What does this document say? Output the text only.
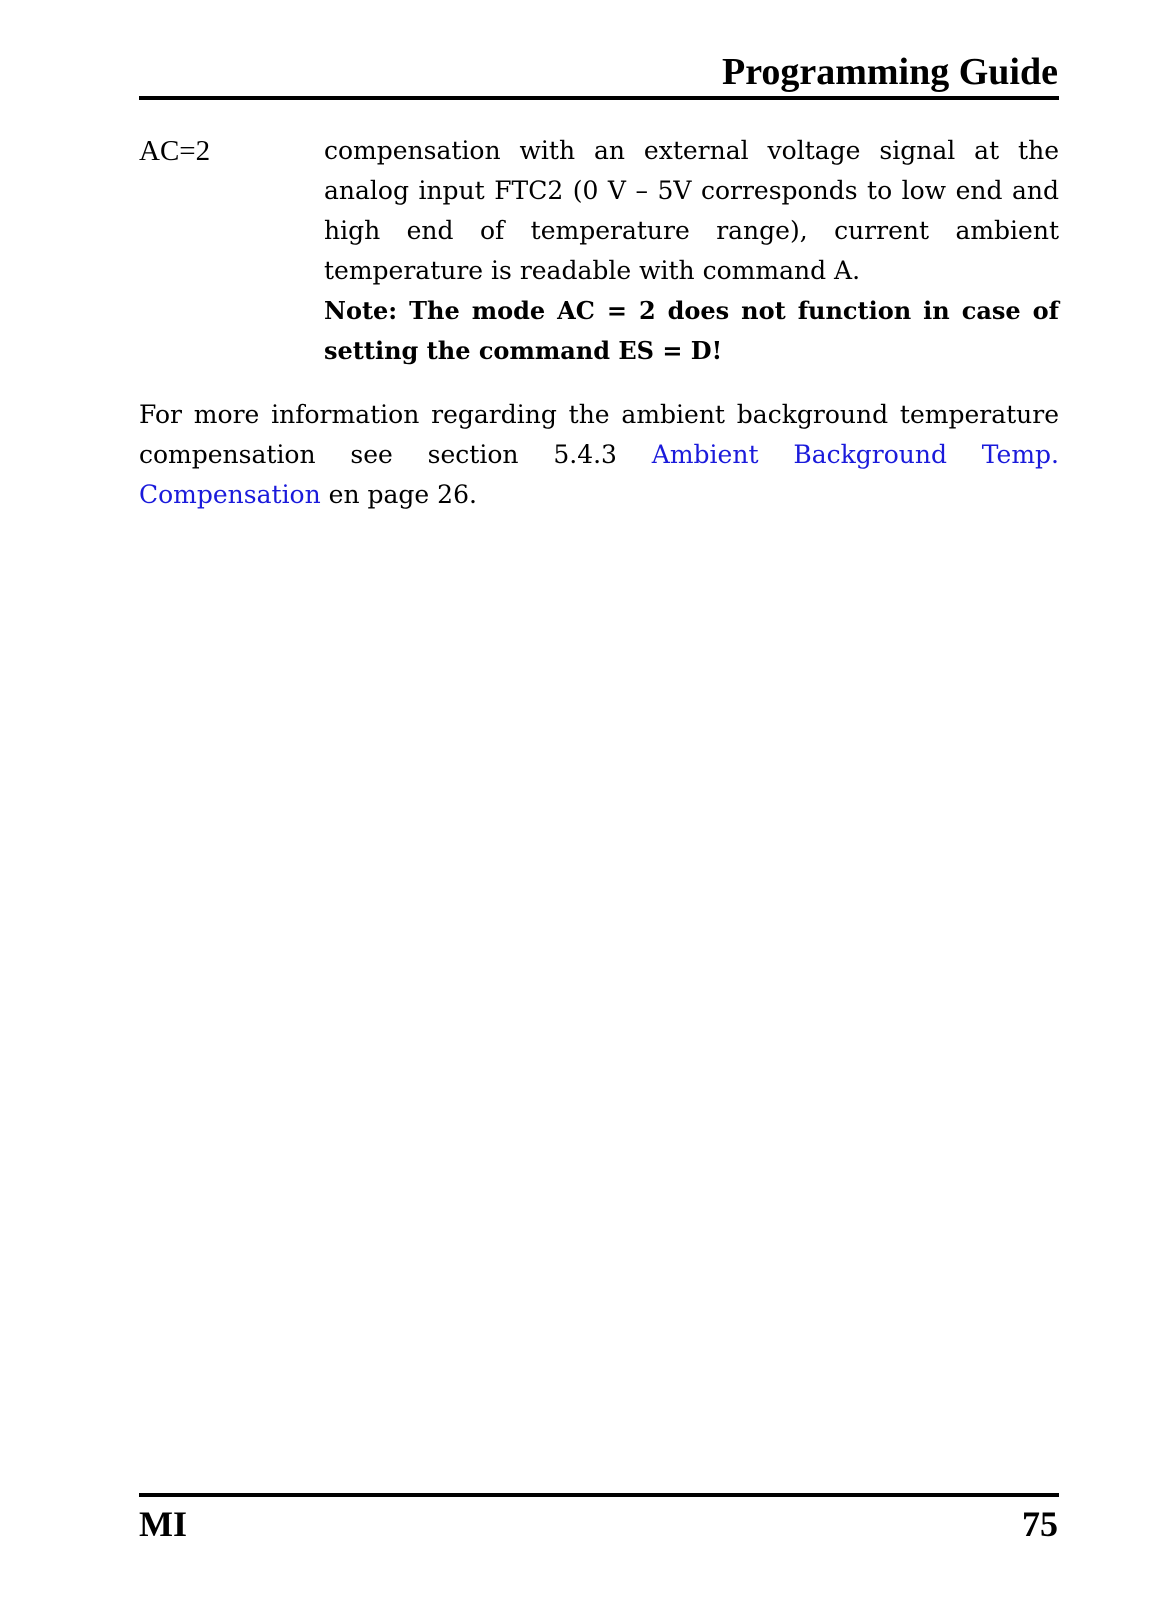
Programming Guide
AC=2	compensation with an external voltage signal at the analog input FTC2 (0 V – 5V corresponds to low end and high end of temperature range), current ambient temperature is readable with command A.

Note: The mode AC = 2 does not function in case of setting the command ES = D!

For more information regarding the ambient background temperature compensation see section 5.4.3 Ambient Background Temp. Compensation en page 26.

MI	75
